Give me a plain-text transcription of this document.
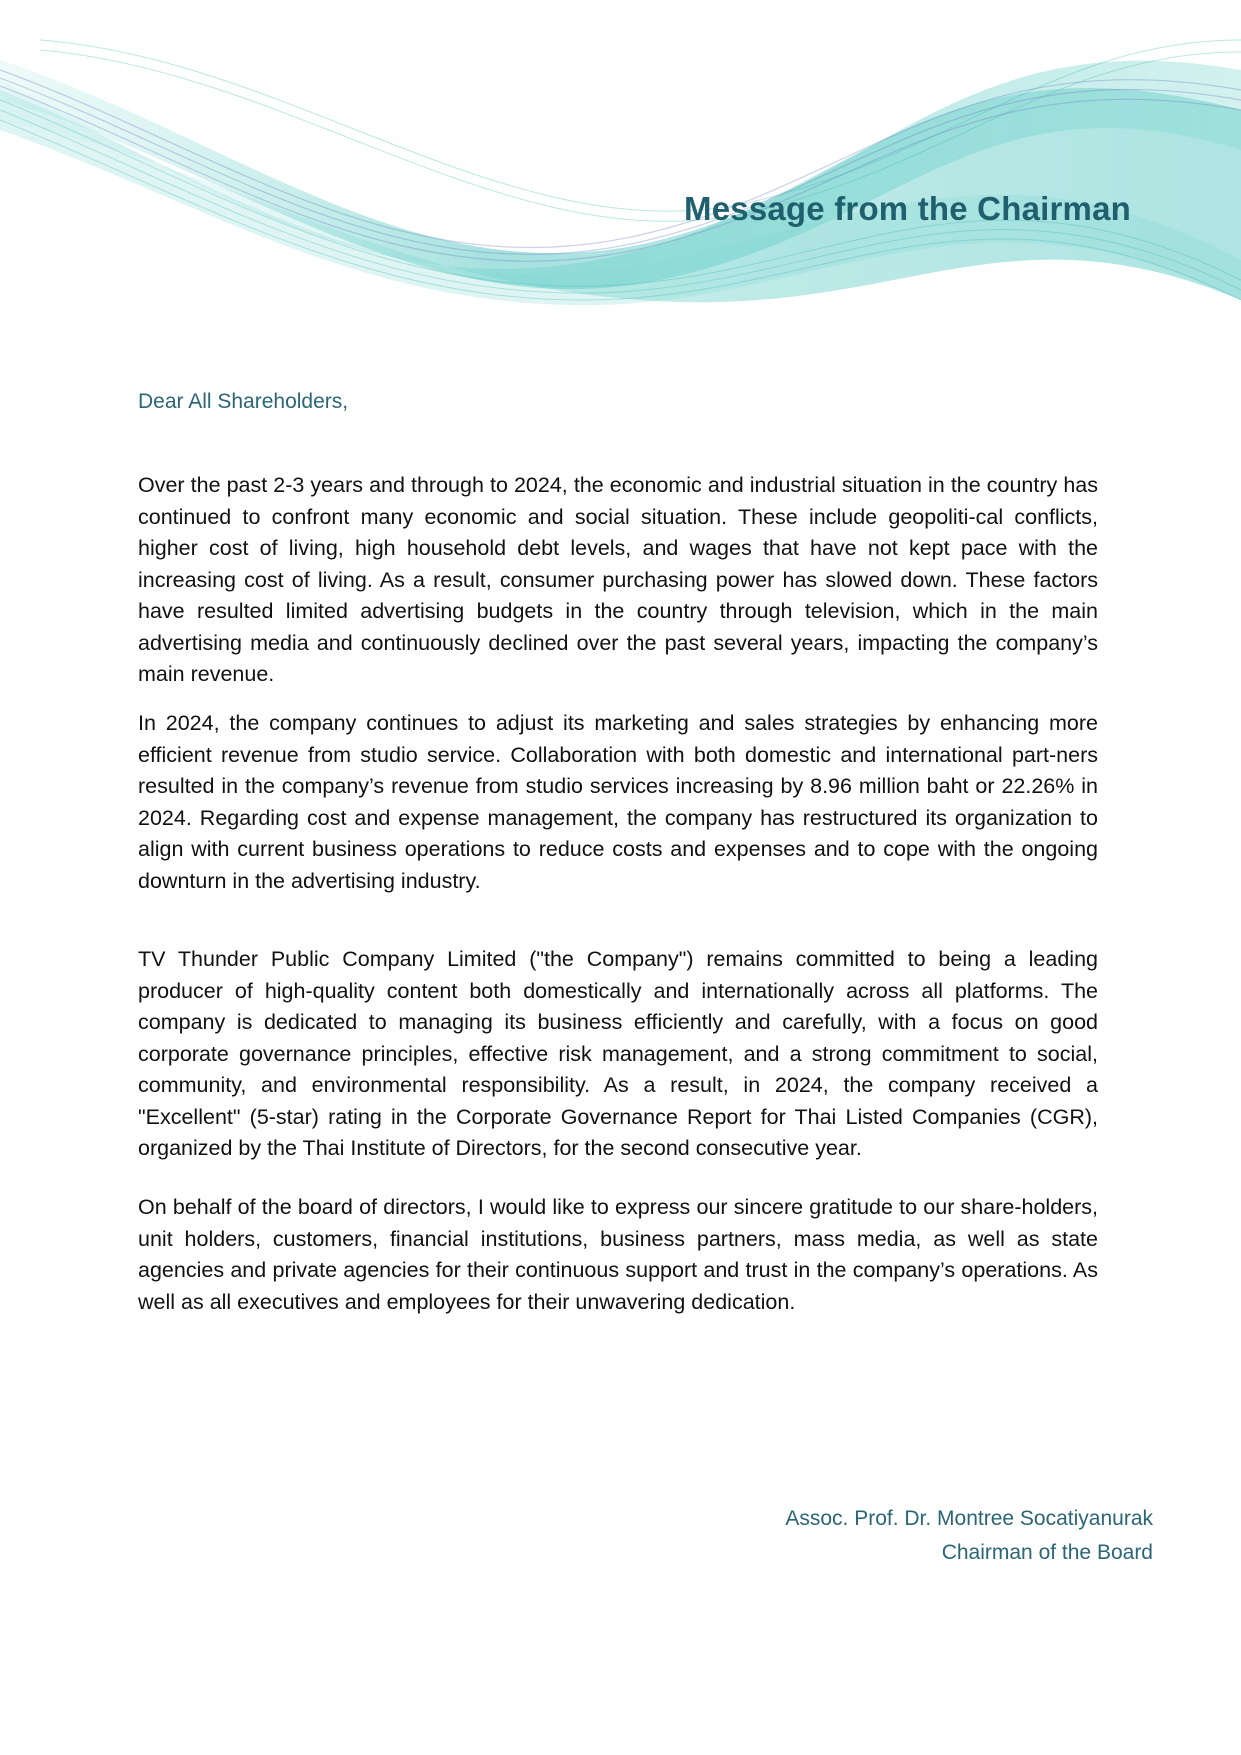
Message from the Chairman

Dear All Shareholders,

Over the past 2-3 years and through to 2024, the economic and industrial situation in the country has continued to confront many economic and social situation. These include geopoliti-cal conflicts, higher cost of living, high household debt levels, and wages that have not kept pace with the increasing cost of living. As a result, consumer purchasing power has slowed down. These factors have resulted limited advertising budgets in the country through television, which in the main advertising media and continuously declined over the past several years, impacting the company’s main revenue.

In 2024, the company continues to adjust its marketing and sales strategies by enhancing more efficient revenue from studio service. Collaboration with both domestic and international part-ners resulted in the company’s revenue from studio services increasing by 8.96 million baht or 22.26% in 2024. Regarding cost and expense management, the company has restructured its organization to align with current business operations to reduce costs and expenses and to cope with the ongoing downturn in the advertising industry.

TV Thunder Public Company Limited ("the Company") remains committed to being a leading producer of high-quality content both domestically and internationally across all platforms. The company is dedicated to managing its business efficiently and carefully, with a focus on good corporate governance principles, effective risk management, and a strong commitment to social, community, and environmental responsibility. As a result, in 2024, the company received a "Excellent" (5-star) rating in the Corporate Governance Report for Thai Listed Companies (CGR), organized by the Thai Institute of Directors, for the second consecutive year.

On behalf of the board of directors, I would like to express our sincere gratitude to our share-holders, unit holders, customers, financial institutions, business partners, mass media, as well as state agencies and private agencies for their continuous support and trust in the company’s operations. As well as all executives and employees for their unwavering dedication.

Assoc. Prof. Dr. Montree Socatiyanurak
Chairman of the Board
